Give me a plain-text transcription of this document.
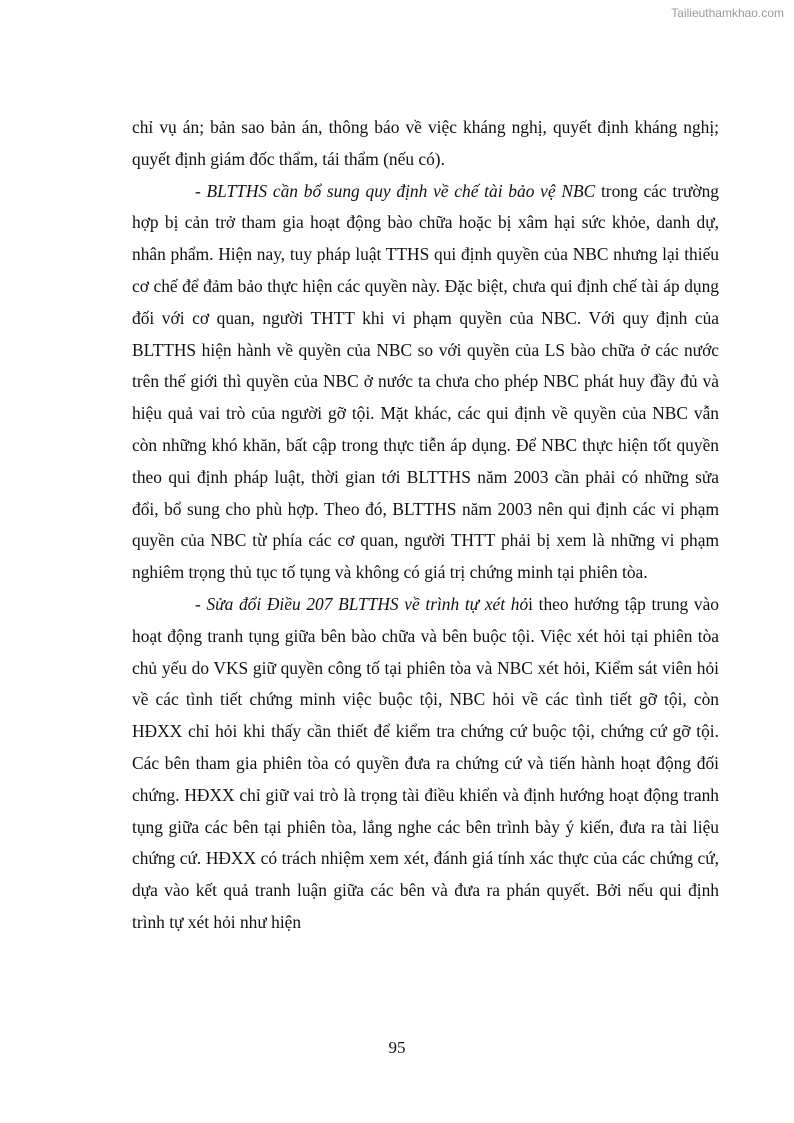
Tailieuthamkhao.com

chỉ vụ án; bản sao bản án, thông báo về việc kháng nghị, quyết định kháng nghị; quyết định giám đốc thẩm, tái thẩm (nếu có).

- BLTTHS cần bổ sung quy định về chế tài bảo vệ NBC trong các trường hợp bị cản trở tham gia hoạt động bào chữa hoặc bị xâm hại sức khỏe, danh dự, nhân phẩm. Hiện nay, tuy pháp luật TTHS qui định quyền của NBC nhưng lại thiếu cơ chế để đảm bảo thực hiện các quyền này. Đặc biệt, chưa qui định chế tài áp dụng đối với cơ quan, người THTT khi vi phạm quyền của NBC. Với quy định của BLTTHS hiện hành về quyền của NBC so với quyền của LS bào chữa ở các nước trên thế giới thì quyền của NBC ở nước ta chưa cho phép NBC phát huy đầy đủ và hiệu quả vai trò của người gỡ tội. Mặt khác, các qui định về quyền của NBC vẫn còn những khó khăn, bất cập trong thực tiễn áp dụng. Để NBC thực hiện tốt quyền theo qui định pháp luật, thời gian tới BLTTHS năm 2003 cần phải có những sửa đổi, bổ sung cho phù hợp. Theo đó, BLTTHS năm 2003 nên qui định các vi phạm quyền của NBC từ phía các cơ quan, người THTT phải bị xem là những vi phạm nghiêm trọng thủ tục tố tụng và không có giá trị chứng minh tại phiên tòa.

- Sửa đổi Điều 207 BLTTHS về trình tự xét hỏi theo hướng tập trung vào hoạt động tranh tụng giữa bên bào chữa và bên buộc tội. Việc xét hỏi tại phiên tòa chủ yếu do VKS giữ quyền công tố tại phiên tòa và NBC xét hỏi, Kiểm sát viên hỏi về các tình tiết chứng minh việc buộc tội, NBC hỏi về các tình tiết gỡ tội, còn HĐXX chỉ hỏi khi thấy cần thiết để kiểm tra chứng cứ buộc tội, chứng cứ gỡ tội. Các bên tham gia phiên tòa có quyền đưa ra chứng cứ và tiến hành hoạt động đối chứng. HĐXX chỉ giữ vai trò là trọng tài điều khiển và định hướng hoạt động tranh tụng giữa các bên tại phiên tòa, lắng nghe các bên trình bày ý kiến, đưa ra tài liệu chứng cứ. HĐXX có trách nhiệm xem xét, đánh giá tính xác thực của các chứng cứ, dựa vào kết quả tranh luận giữa các bên và đưa ra phán quyết. Bởi nếu qui định trình tự xét hỏi như hiện

95
